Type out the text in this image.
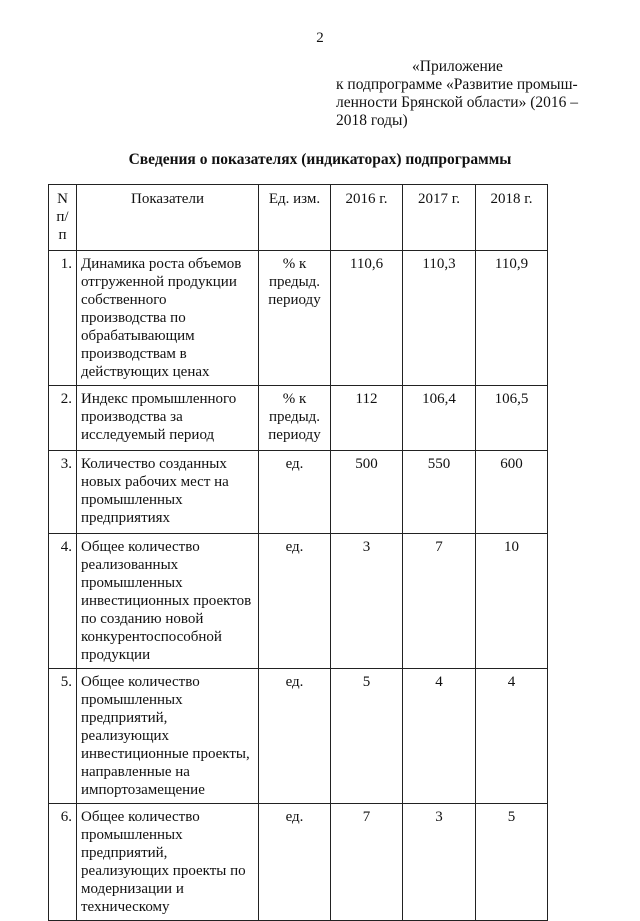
2
«Приложение
к подпрограмме «Развитие промыш-
ленности Брянской области» (2016 –
2018 годы)
Сведения о показателях (индикаторах) подпрограммы
N
п/п	Показатели	Ед. изм.	2016 г.	2017 г.	2018 г.
1.	Динамика роста объемов отгруженной продукции собственного производства по обрабатывающим производствам в действующих ценах	% к предыд. периоду	110,6	110,3	110,9
2.	Индекс промышленного производства за исследуемый период	% к предыд. периоду	112	106,4	106,5
3.	Количество созданных новых рабочих мест на промышленных предприятиях	ед.	500	550	600
4.	Общее количество реализованных промышленных инвестиционных проектов по созданию новой конкурентоспособной продукции	ед.	3	7	10
5.	Общее количество промышленных предприятий, реализующих инвестиционные проекты, направленные на импортозамещение	ед.	5	4	4
6.	Общее количество промышленных предприятий, реализующих проекты по модернизации и техническому	ед.	7	3	5
